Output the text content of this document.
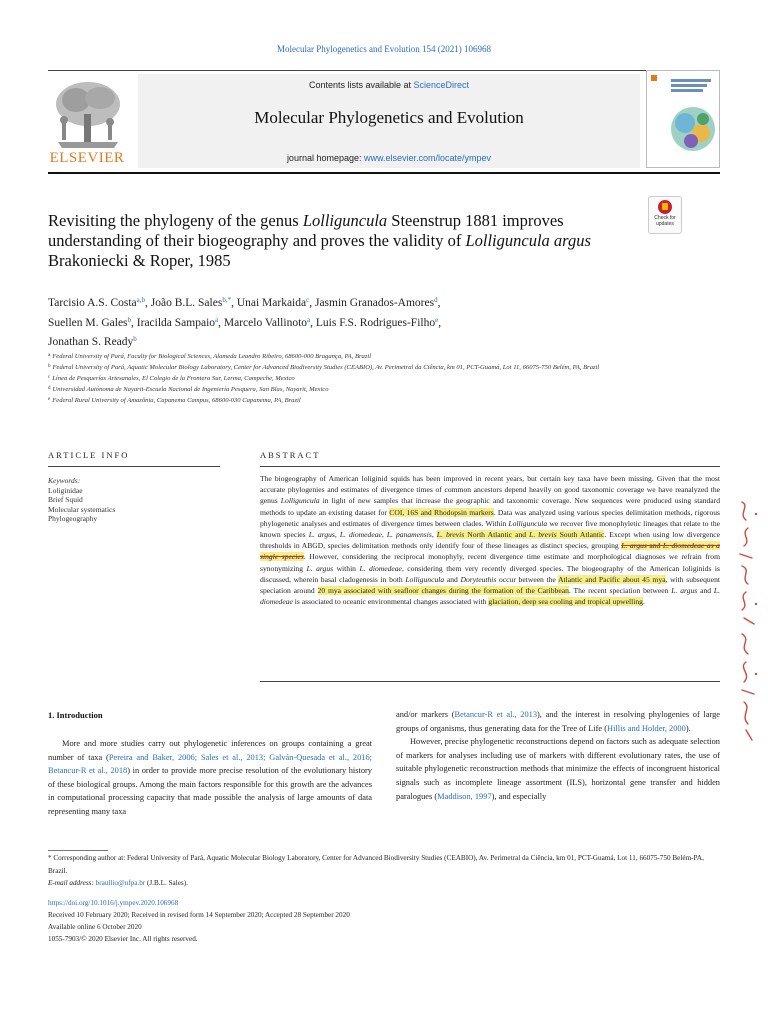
Molecular Phylogenetics and Evolution 154 (2021) 106968
Contents lists available at ScienceDirect
Molecular Phylogenetics and Evolution
journal homepage: www.elsevier.com/locate/ympev
ELSEVIER
Check for
updates
Revisiting the phylogeny of the genus Lolliguncula Steenstrup 1881 improves understanding of their biogeography and proves the validity of Lolliguncula argus Brakoniecki & Roper, 1985
Tarcisio A.S. Costa$^{a,b}$, João B.L. Sales$^{b,*}$, Unai Markaida$^c$, Jasmin Granados-Amores$^d$,
Suellen M. Gales$^b$, Iracilda Sampaio$^a$, Marcelo Vallinoto$^a$, Luis F.S. Rodrigues-Filho$^e$,
Jonathan S. Ready$^b$
$^a$ Federal University of Pará, Faculty for Biological Sciences, Alameda Leandro Ribeiro, 68600-000 Bragança, PA, Brazil
$^b$ Federal University of Pará, Aquatic Molecular Biology Laboratory, Center for Advanced Biodiversity Studies (CEABIO), Av. Perimetral da Ciência, km 01, PCT-Guamá, Lot 11, 66075-750 Belém, PA, Brazil
$^c$ Línea de Pesquerías Artesanales, El Colegio de la Frontera Sur, Lerma, Campeche, Mexico
$^d$ Universidad Autónoma de Nayarit-Escuela Nacional de Ingeniería Pesquera, San Blas, Nayarit, Mexico
$^e$ Federal Rural University of Amazônia, Capanema Campus, 68600-030 Capanema, PA, Brazil
ARTICLE INFO	ABSTRACT
Keywords:
Loliginidae
Brief Squid
Molecular systematics
Phylogeography
The biogeography of American loliginid squids has been improved in recent years, but certain key taxa have been missing. Given that the most accurate phylogenies and estimates of divergence times of common ancestors depend heavily on good taxonomic coverage we have reanalyzed the genus Lolliguncula in light of new samples that increase the geographic and taxonomic coverage. New sequences were produced using standard methods to update an existing dataset for COI, 16S and Rhodopsin markers. Data was analyzed using various species delimitation methods, rigorous phylogenetic analyses and estimates of divergence times between clades. Within Lolliguncula we recover five monophyletic lineages that relate to the known species L. argus, L. diomedeae, L. panamensis, L. brevis North Atlantic and L. brevis South Atlantic. Except when using low divergence thresholds in ABGD, species delimitation methods only identify four of these lineages as distinct species, grouping L. argus and L. diomedeae as a single species. However, considering the reciprocal monophyly, recent divergence time estimate and morphological diagnoses we refrain from synonymizing L. argus within L. diomedeae, considering them very recently diverged species. The biogeography of the American loliginids is discussed, wherein basal cladogenesis in both Lolliguncula and Doryteuthis occur between the Atlantic and Pacific about 45 mya, with subsequent speciation around 20 mya associated with seafloor changes during the formation of the Caribbean. The recent speciation between L. argus and L. diomedeae is associated to oceanic environmental changes associated with glaciation, deep sea cooling and tropical upwelling.
1. Introduction

More and more studies carry out phylogenetic inferences on groups containing a great number of taxa (Pereira and Baker, 2006; Sales et al., 2013; Galván-Quesada et al., 2016; Betancur-R et al., 2018) in order to provide more precise resolution of the evolutionary history of these biological groups. Among the main factors responsible for this growth are the advances in computational processing capacity that made possible the analysis of large amounts of data representing many taxa

and/or markers (Betancur-R et al., 2013), and the interest in resolving phylogenies of large groups of organisms, thus generating data for the Tree of Life (Hillis and Holder, 2000).

However, precise phylogenetic reconstructions depend on factors such as adequate selection of markers for analyses including use of markers with different evolutionary rates, the use of suitable phylogenetic reconstruction methods that minimize the effects of incongruent historical signals such as incomplete lineage assortment (ILS), horizontal gene transfer and hidden paralogues (Maddison, 1997), and especially

* Corresponding author at: Federal University of Pará, Aquatic Molecular Biology Laboratory, Center for Advanced Biodiversity Studies (CEABIO), Av. Perimetral da Ciência, km 01, PCT-Guamá, Lot 11, 66075-750 Belém-PA, Brazil.
E-mail address: braullio@ufpa.br (J.B.L. Sales).
https://doi.org/10.1016/j.ympev.2020.106968
Received 10 February 2020; Received in revised form 14 September 2020; Accepted 28 September 2020
Available online 6 October 2020
1055-7903/© 2020 Elsevier Inc. All rights reserved.
